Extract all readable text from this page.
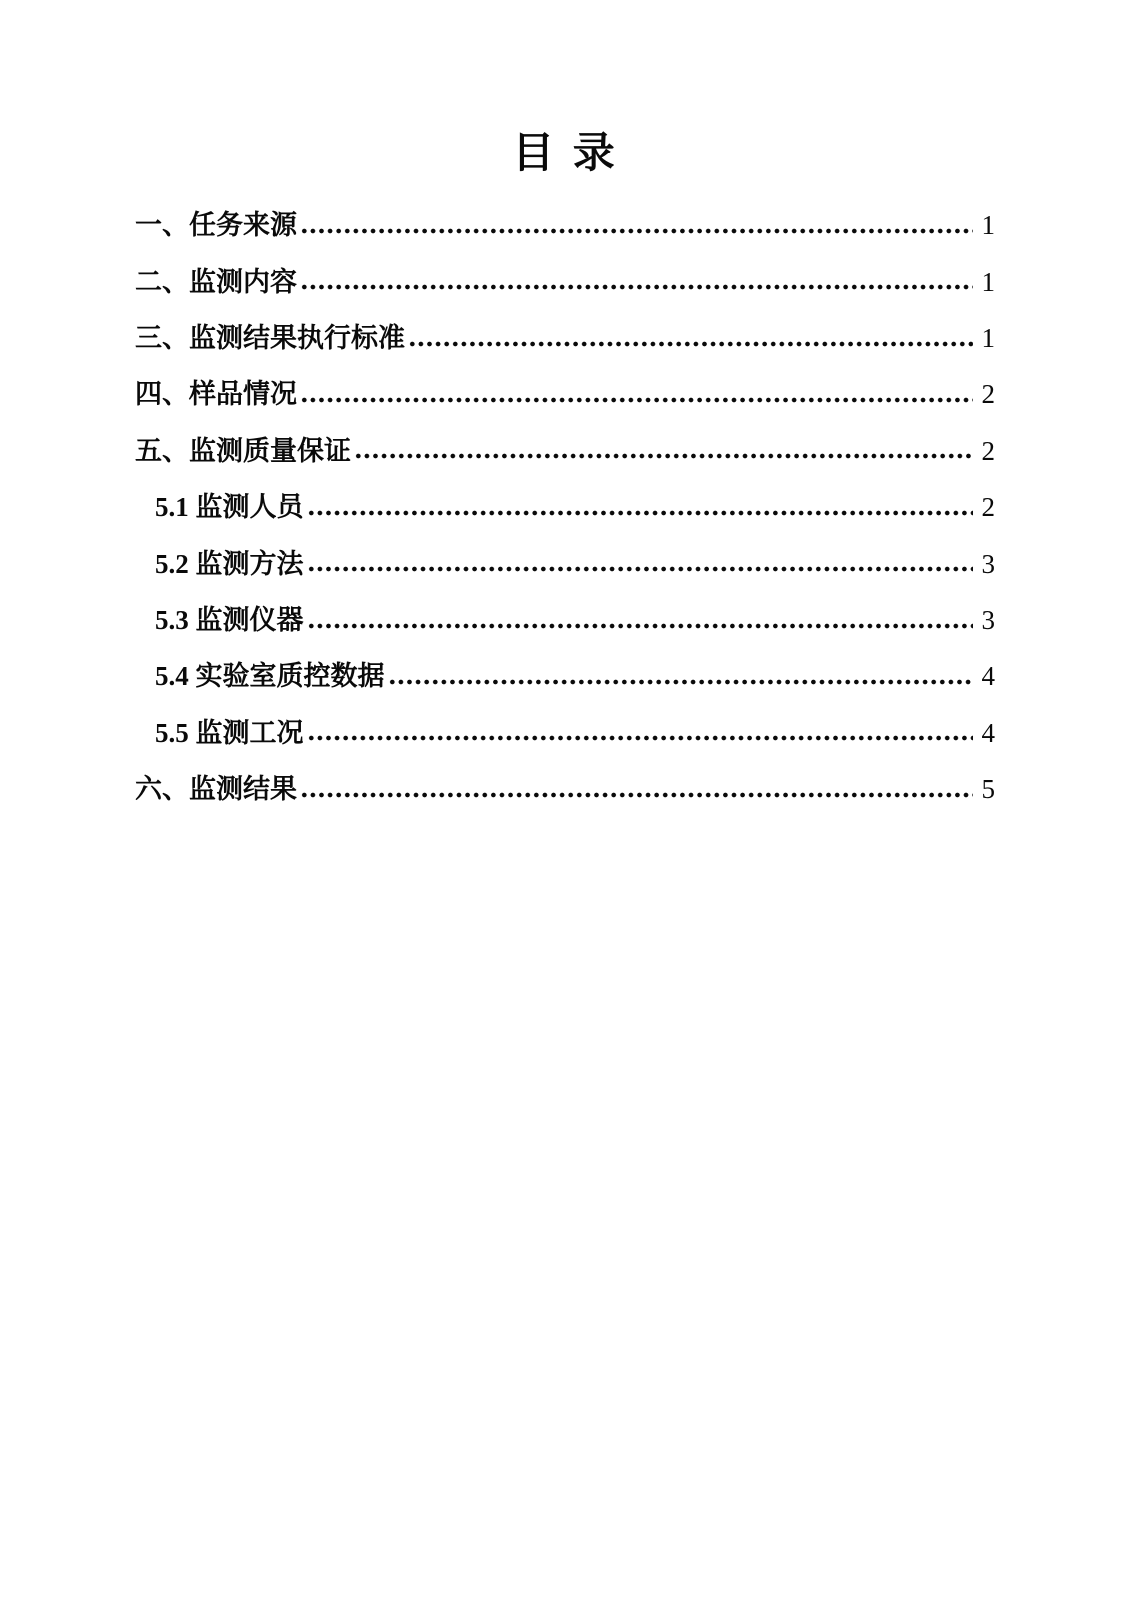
目 录
一、任务来源	1
二、监测内容	1
三、监测结果执行标准	1
四、样品情况	2
五、监测质量保证	2
5.1 监测人员	2
5.2 监测方法	3
5.3 监测仪器	3
5.4 实验室质控数据	4
5.5 监测工况	4
六、监测结果	5
